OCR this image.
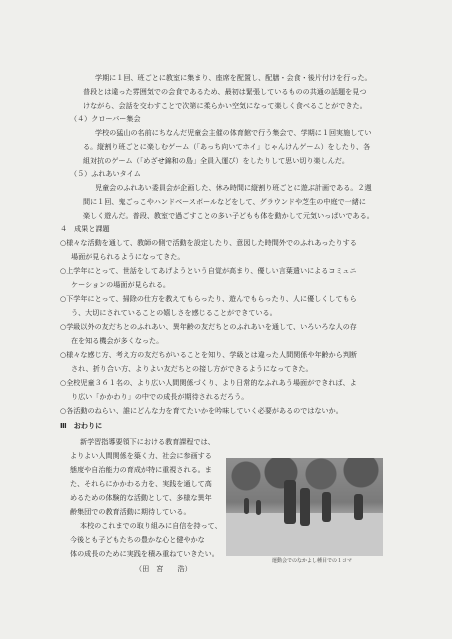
学期に１回、班ごとに教室に集まり、座席を配置し、配膳・会食・後片付けを行った。
普段とは違った雰囲気での会食であるため、最初は緊張しているものの共通の話題を見つ
けながら、会話を交わすことで次第に柔らかい空気になって楽しく食べることができた。
（４）クローバー集会
学校の猛山の名前にちなんだ児童会主催の体育館で行う集会で、学期に１回実施してい
る。縦割り班ごとに楽しむゲーム（「あっち向いてホイ」じゃんけんゲーム）をしたり、各
組対抗のゲーム（「めざせ錦和の島」全員入運び）をしたりして思い切り楽しんだ。
（５）ふれあいタイム
児童会のふれあい委員会が企画した、休み時間に縦割り班ごとに遊ぶ計画である。２週
間に１回、鬼ごっこやハンドベースボールなどをして、グラウンドや芝生の中庭で一緒に
楽しく遊んだ。普段、教室で過ごすことの多い子どもも体を動かして元気いっぱいである。
４　成果と課題
○様々な活動を通して、教師の側で活動を設定したり、意図した時間外でのふれあったりする
場面が見られるようになってきた。
○上学年にとって、世話をしてあげようという自覚が高まり、優しい言葉遣いによるコミュニ
ケーションの場面が見られる。
○下学年にとって、掃除の仕方を教えてもらったり、遊んでもらったり、人に優しくしてもら
う、大切にされていることの嬉しさを感じることができている。
○学級以外の友だちとのふれあい、異年齢の友だちとのふれあいを通して、いろいろな人の存
在を知る機会が多くなった。
○様々な感じ方、考え方の友だちがいることを知り、学級とは違った人間関係や年齢から判断
され、折り合い方、よりよい友だちとの接し方ができるようになってきた。
○全校児童３６１名の、より広い人間関係づくり、より日常的なふれあう場面ができれば、よ
り広い「かかわり」の中での成長が期待されるだろう。
○各活動のねらい、誰にどんな力を育てたいかを吟味していく必要があるのではないか。
Ⅲ　おわりに
新学習指導要領下における教育課程では、
よりよい人間関係を築く力、社会に参画する
態度や自治能力の育成が特に重視される。ま
た、それらにかかわる力を、実践を通して高
めるための体験的な活動として、多様な異年
齢集団での教育活動に期待している。
本校のこれまでの取り組みに自信を持って、
今後とも子どもたちの豊かな心と健やかな
体の成長のために実践を積み重ねていきたい。
（田　宮　　浩）
運動会でのなかよし種目での１コマ
